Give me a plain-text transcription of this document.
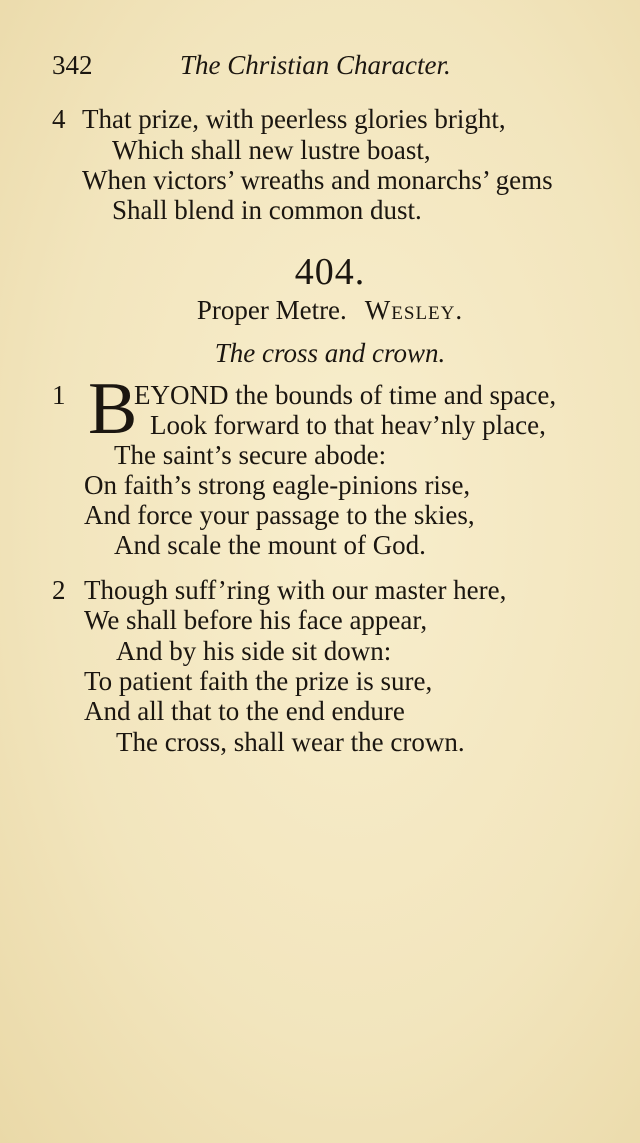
342	The Christian Character.
4 That prize, with peerless glories bright,
Which shall new lustre boast,
When victors’ wreaths and monarchs’ gems
Shall blend in common dust.
404.
Proper Metre. Wesley.
The cross and crown.
1 B
EYOND the bounds of time and space,
Look forward to that heav’nly place,
The saint’s secure abode:
On faith’s strong eagle-pinions rise,
And force your passage to the skies,
And scale the mount of God.
2 Though suff’ring with our master here,
We shall before his face appear,
And by his side sit down:
To patient faith the prize is sure,
And all that to the end endure
The cross, shall wear the crown.
